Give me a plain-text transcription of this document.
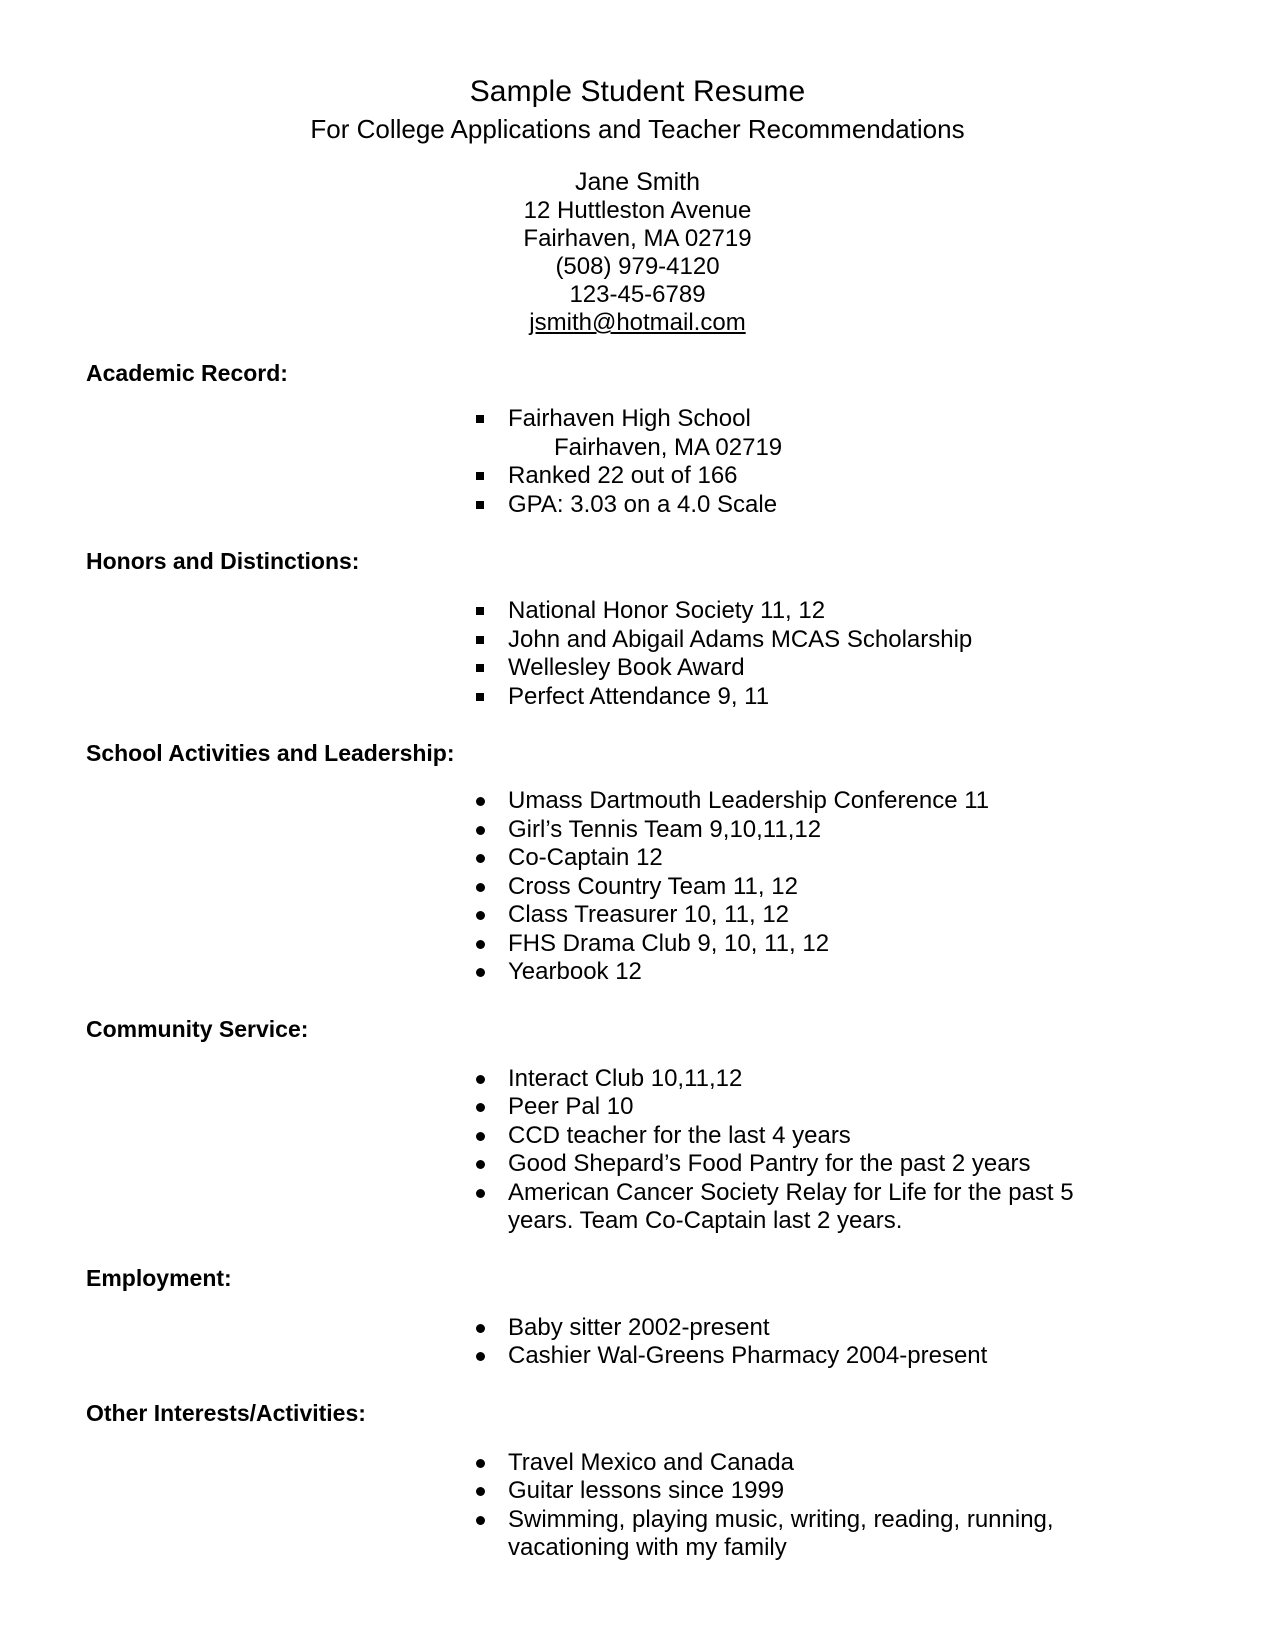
Sample Student Resume
For College Applications and Teacher Recommendations

Jane Smith

12 Huttleston Avenue

Fairhaven, MA 02719

(508) 979-4120

123-45-6789

jsmith@hotmail.com

Academic Record:
Fairhaven High School
Fairhaven, MA 02719
Ranked 22 out of 166
GPA: 3.03 on a 4.0 Scale
Honors and Distinctions:
National Honor Society 11, 12
John and Abigail Adams MCAS Scholarship
Wellesley Book Award
Perfect Attendance 9, 11
School Activities and Leadership:
Umass Dartmouth Leadership Conference 11
Girl’s Tennis Team 9,10,11,12
Co-Captain 12
Cross Country Team 11, 12
Class Treasurer 10, 11, 12
FHS Drama Club 9, 10, 11, 12
Yearbook 12
Community Service:
Interact Club 10,11,12
Peer Pal 10
CCD teacher for the last 4 years
Good Shepard’s Food Pantry for the past 2 years
American Cancer Society Relay for Life for the past 5
years. Team Co-Captain last 2 years.
Employment:
Baby sitter 2002-present
Cashier Wal-Greens Pharmacy 2004-present
Other Interests/Activities:
Travel Mexico and Canada
Guitar lessons since 1999
Swimming, playing music, writing, reading, running,
vacationing with my family
